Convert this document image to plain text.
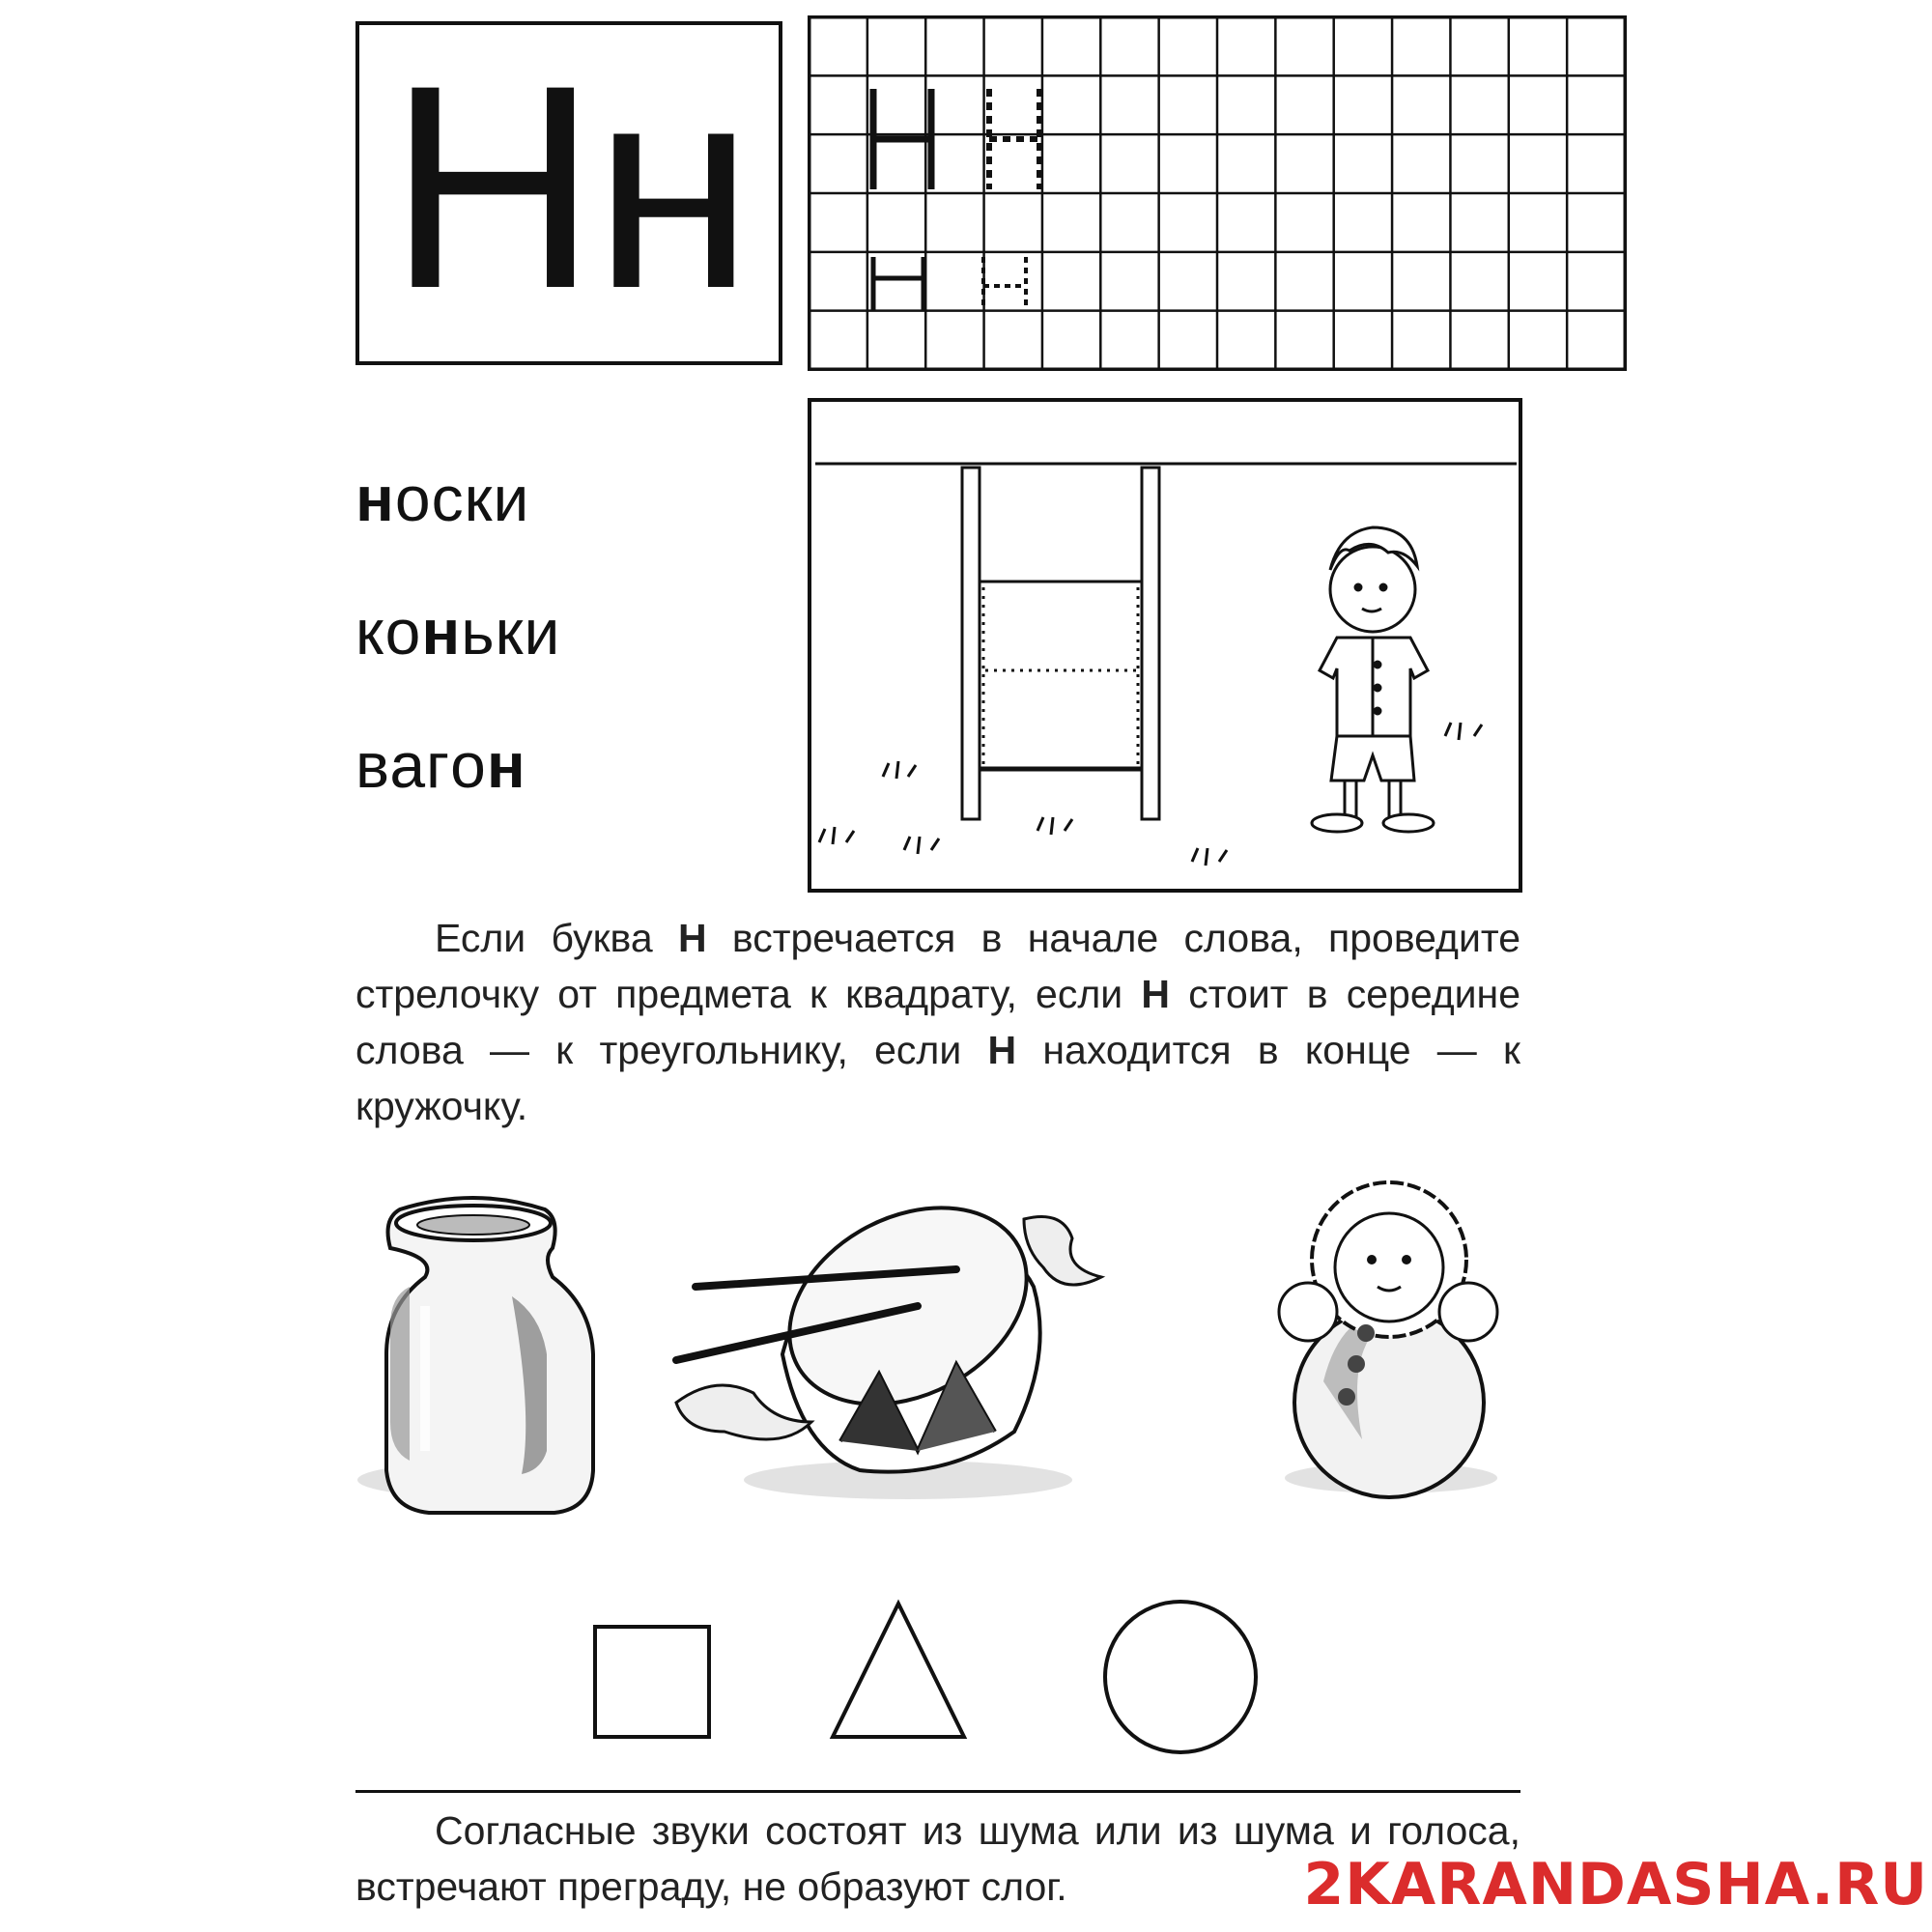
Нн
носки
коньки
вагoн
Если буква Н встречается в начале слова, проведите стрелочку от предмета к квадрату, если Н стоит в середине слова — к треугольнику, если Н находится в конце — к кружочку.
Согласные звуки состоят из шума или из шума и голоса, встречают преграду, не образуют слог.	2KARANDASHA.RU
